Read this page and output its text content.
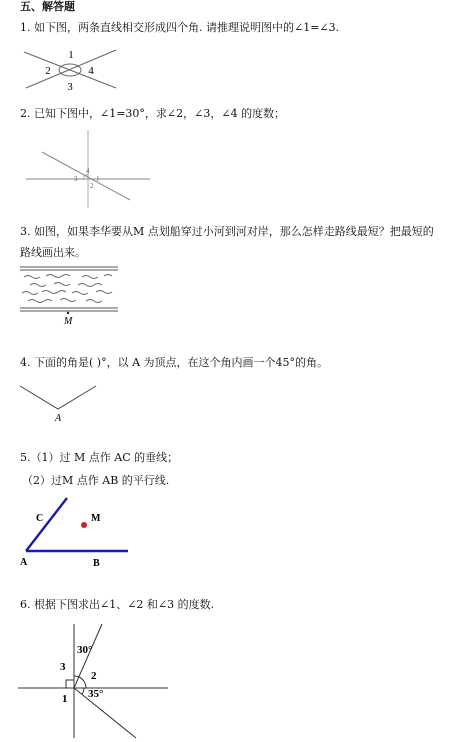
五、解答题
1. 如下图，两条直线相交形成四个角. 请推理说明图中的∠1=∠3.
1
2
3
4
2. 已知下图中，∠1=30°，求∠2，∠3，∠4 的度数；
4
3
2
1
3. 如图，如果李华要从M 点划船穿过小河到河对岸，那么怎样走路线最短？把最短的
路线画出来。
M
4. 下面的角是( )°，以 A 为顶点，在这个角内画一个45°的角。
A
5.（1）过 M 点作 AC 的垂线；
（2）过M 点作 AB 的平行线.
C	M
A	B
6. 根据下图求出∠1、∠2 和∠3 的度数.
30°
2
3
35°
1
